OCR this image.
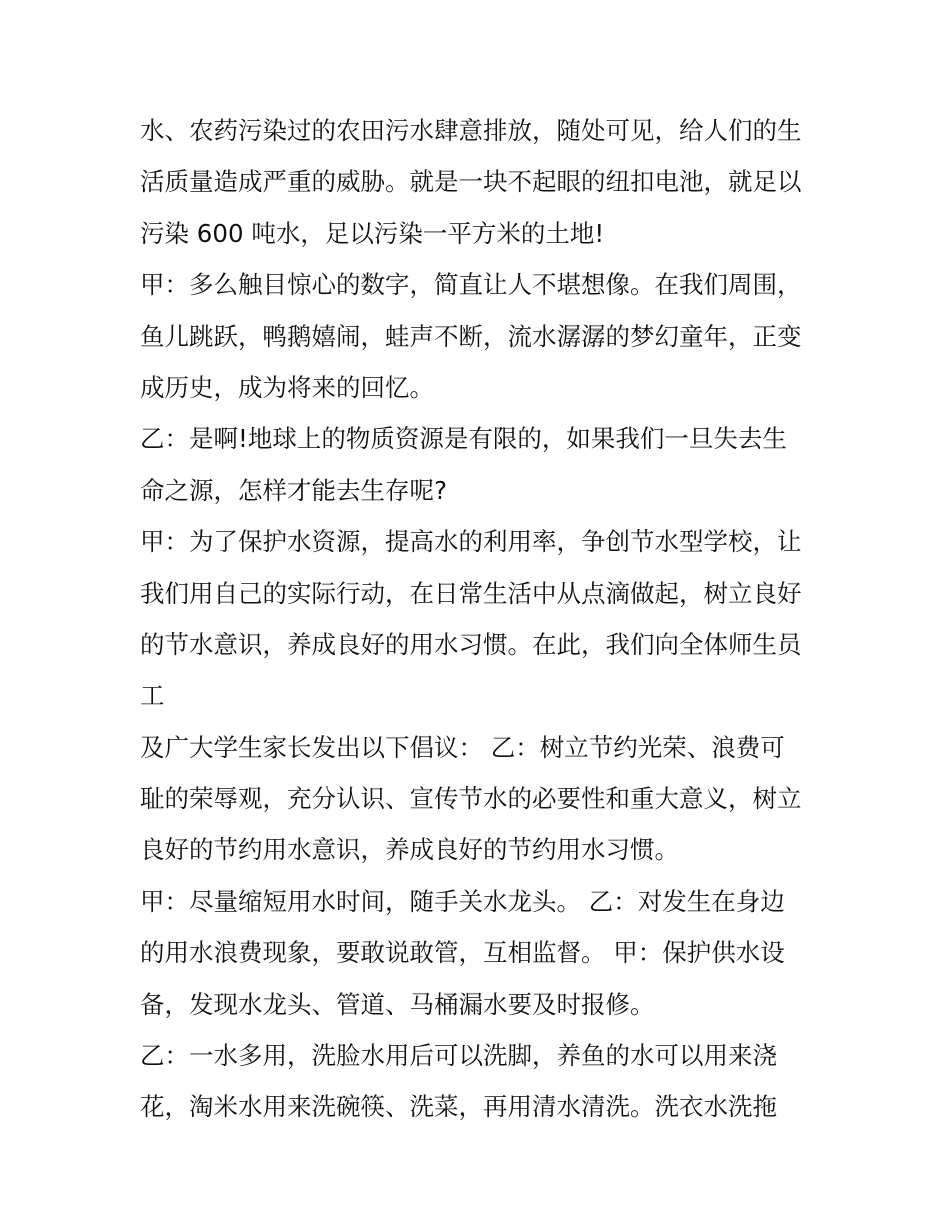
水、农药污染过的农田污水肆意排放，随处可见，给人们的生
活质量造成严重的威胁。就是一块不起眼的纽扣电池，就足以
污染 600 吨水，足以污染一平方米的土地!
甲：多么触目惊心的数字，简直让人不堪想像。在我们周围，
鱼儿跳跃，鸭鹅嬉闹，蛙声不断，流水潺潺的梦幻童年，正变
成历史，成为将来的回忆。
乙：是啊!地球上的物质资源是有限的，如果我们一旦失去生
命之源，怎样才能去生存呢?
甲：为了保护水资源，提高水的利用率，争创节水型学校，让
我们用自己的实际行动，在日常生活中从点滴做起，树立良好
的节水意识，养成良好的用水习惯。在此，我们向全体师生员
工
及广大学生家长发出以下倡议： 乙：树立节约光荣、浪费可
耻的荣辱观，充分认识、宣传节水的必要性和重大意义，树立
良好的节约用水意识，养成良好的节约用水习惯。
甲：尽量缩短用水时间，随手关水龙头。 乙：对发生在身边
的用水浪费现象，要敢说敢管，互相监督。 甲：保护供水设
备，发现水龙头、管道、马桶漏水要及时报修。
乙：一水多用，洗脸水用后可以洗脚，养鱼的水可以用来浇
花，淘米水用来洗碗筷、洗菜，再用清水清洗。洗衣水洗拖
